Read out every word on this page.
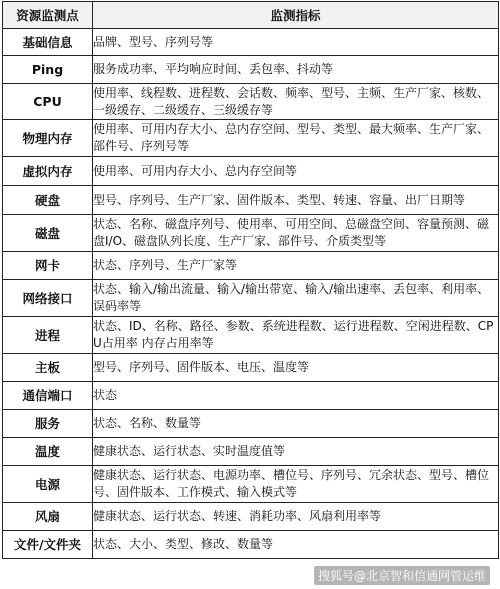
资源监测点	监测指标
基础信息	品牌、型号、序列号等
Ping	服务成功率、平均响应时间、丢包率、抖动等
CPU	使用率、线程数、进程数、会话数、频率、型号、主频、生产厂家、核数、一级缓存、二级缓存、三级缓存等
物理内存	使用率、可用内存大小、总内存空间、型号、类型、最大频率、生产厂家、部件号、序列号等
虚拟内存	使用率、可用内存大小、总内存空间等
硬盘	型号、序列号、生产厂家、固件版本、类型、转速、容量、出厂日期等
磁盘	状态、名称、磁盘序列号、使用率、可用空间、总磁盘空间、容量预测、磁盘I/O、磁盘队列长度、生产厂家、部件号、介质类型等
网卡	状态、序列号、生产厂家等
网络接口	状态、输入/输出流量、输入/输出带宽、输入/输出速率、丢包率、利用率、误码率等
进程	状态、ID、名称、路径、参数、系统进程数、运行进程数、空闲进程数、CPU占用率 内存占用率等
主板	型号、序列号、固件版本、电压、温度等
通信端口	状态
服务	状态、名称、数量等
温度	健康状态、运行状态、实时温度值等
电源	健康状态、运行状态、电源功率、槽位号、序列号、冗余状态、型号、槽位号、固件版本、工作模式、输入模式等
风扇	健康状态、运行状态、转速、消耗功率、风扇利用率等
文件/文件夹	状态、大小、类型、修改、数量等
搜狐号@北京智和信通网管运维
